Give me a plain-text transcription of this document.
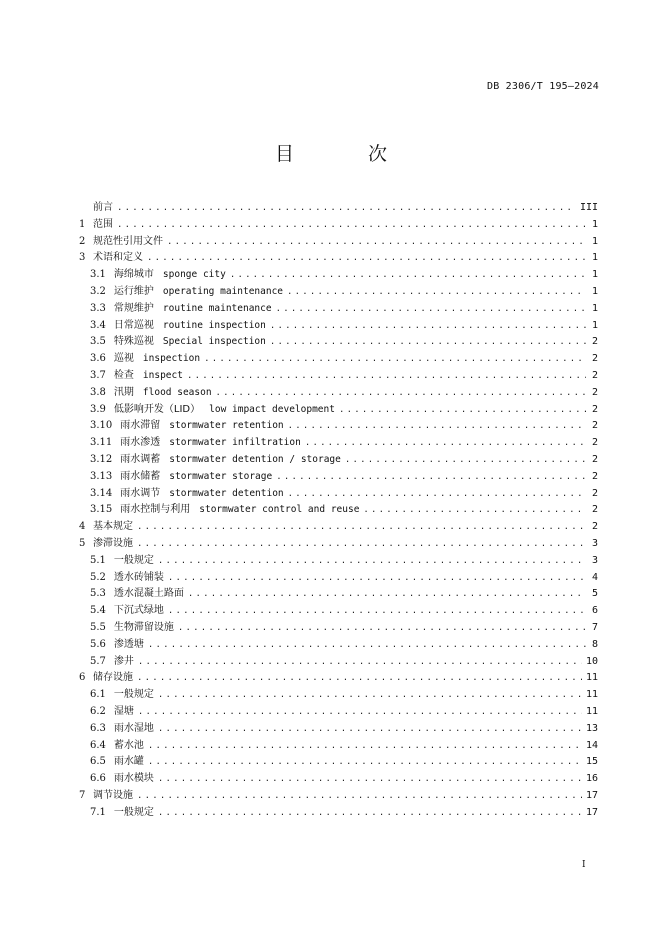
DB 2306/T 195—2024
目 次
前言 .....	III
1 范围 .....	1
2 规范性引用文件 .....	1
3 术语和定义 .....	1
3.1 海绵城市 sponge city .....	1
3.2 运行维护 operating maintenance .....	1
3.3 常规维护 routine maintenance .....	1
3.4 日常巡视 routine inspection .....	1
3.5 特殊巡视 Special inspection .....	2
3.6 巡视 inspection .....	2
3.7 检查 inspect .....	2
3.8 汛期 flood season .....	2
3.9 低影响开发（LID） low impact development .....	2
3.10 雨水滞留 stormwater retention .....	2
3.11 雨水渗透 stormwater infiltration .....	2
3.12 雨水调蓄 stormwater detention / storage .....	2
3.13 雨水储蓄 stormwater storage .....	2
3.14 雨水调节 stormwater detention .....	2
3.15 雨水控制与利用 stormwater control and reuse .....	2
4 基本规定 .....	2
5 渗滞设施 .....	3
5.1 一般规定 .....	3
5.2 透水砖铺装 .....	4
5.3 透水混凝土路面 .....	5
5.4 下沉式绿地 .....	6
5.5 生物滞留设施 .....	7
5.6 渗透塘 .....	8
5.7 渗井 .....	10
6 储存设施 .....	11
6.1 一般规定 .....	11
6.2 湿塘 .....	11
6.3 雨水湿地 .....	13
6.4 蓄水池 .....	14
6.5 雨水罐 .....	15
6.6 雨水模块 .....	16
7 调节设施 .....	17
7.1 一般规定 .....	17
I
